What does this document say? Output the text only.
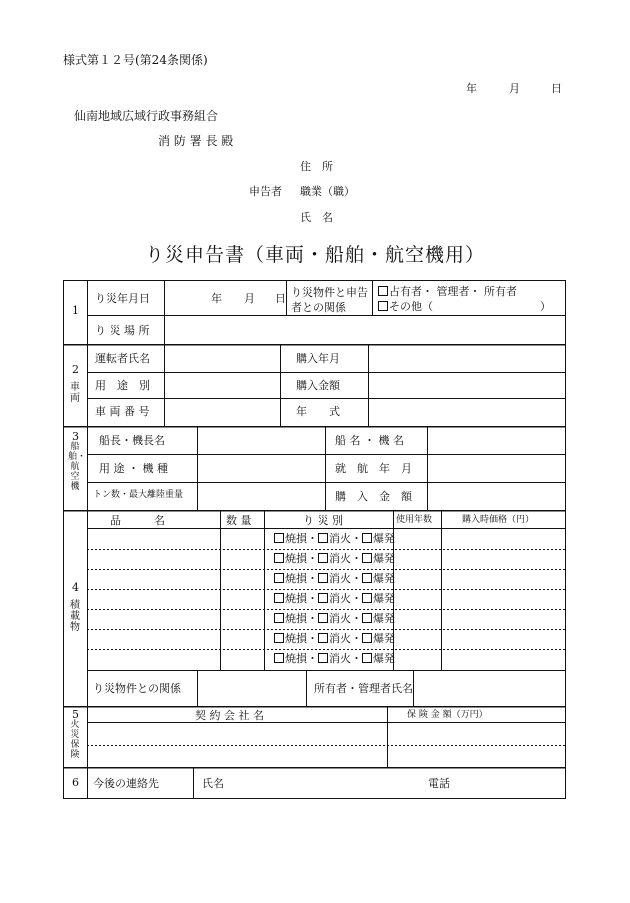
様式第１２号(第24条関係)
年	月	日
仙南地域広域行政事務組合
消 防 署 長 殿
住　所
申告者 職業（職）
氏　名
り災申告書（車両・船舶・航空機用）
1
り災年月日	年 月 日 り災物件と申告者との関係
占有者・ 管理者・ 所有者
その他（	）
り 災 場 所
2
車両
運転者氏名	購入年月
用　途　別	購入金額
車 両 番 号	年　　式
3
船舶・航空機
船長・機長名	船 名 ・ 機 名
用 途 ・ 機 種	就　航　年　月
トン数・最大離陸重量	購　入　金　額
4
積載物
品　　　名	数 量	り 災 別	使用年数	購入時価格（円）
焼損・ 消火・ 爆発
焼損・ 消火・ 爆発
焼損・ 消火・ 爆発
焼損・ 消火・ 爆発
焼損・ 消火・ 爆発
焼損・ 消火・ 爆発
焼損・ 消火・ 爆発
り災物件との関係	所有者・管理者氏名
5
火災保険
契 約 会 社 名	保 険 金 額（万円）
6 今後の連絡先	氏名	電話
